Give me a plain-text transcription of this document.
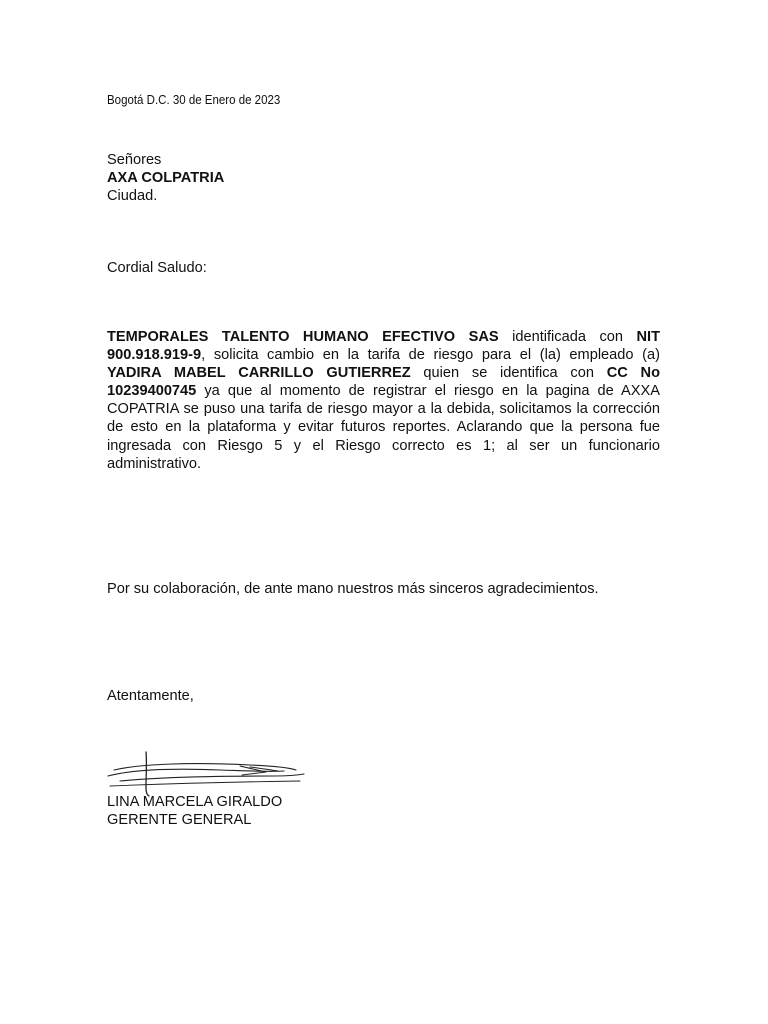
Bogotá D.C. 30 de Enero de 2023
Señores
AXA COLPATRIA
Ciudad.
Cordial Saludo:
TEMPORALES TALENTO HUMANO EFECTIVO SAS identificada con NIT 900.918.919-9, solicita cambio en la tarifa de riesgo para el (la) empleado (a) YADIRA MABEL CARRILLO GUTIERREZ quien se identifica con CC No 10239400745 ya que al momento de registrar el riesgo en la pagina de AXXA COPATRIA se puso una tarifa de riesgo mayor a la debida, solicitamos la corrección de esto en la plataforma y evitar futuros reportes. Aclarando que la persona fue ingresada con Riesgo 5 y el Riesgo correcto es 1; al ser un funcionario administrativo.
Por su colaboración, de ante mano nuestros más sinceros agradecimientos.
Atentamente,
LINA MARCELA GIRALDO
GERENTE GENERAL
